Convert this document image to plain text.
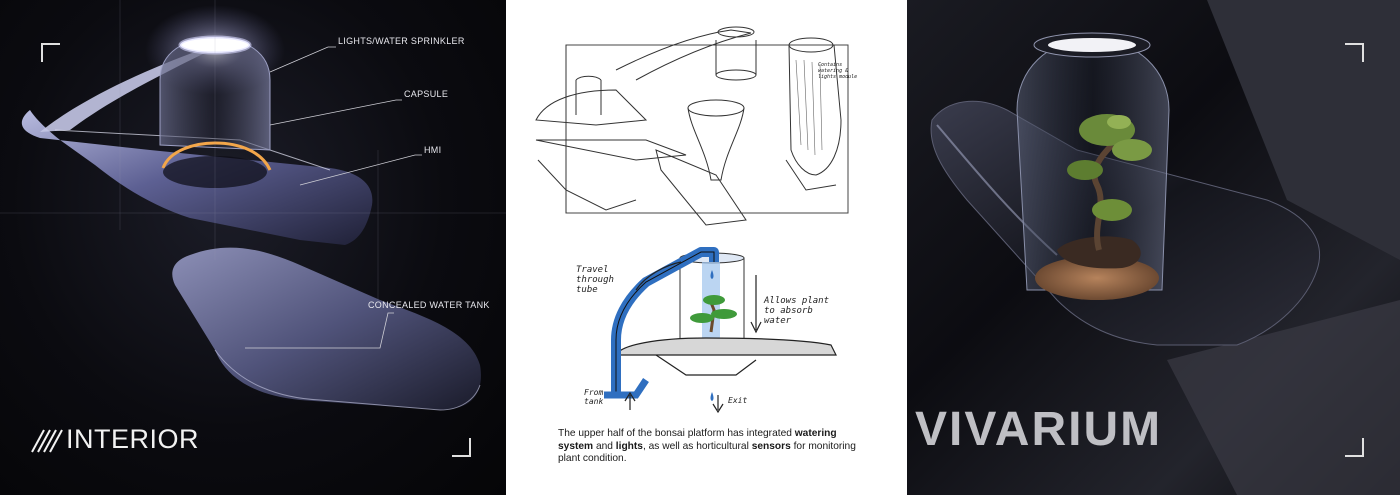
LIGHTS/WATER SPRINKLER
CAPSULE
HMI
CONCEALED WATER TANK
INTERIOR
Contains
watering &
lights module
Travel
through
tube
Allows plant
to absorb
water
From
tank	Exit
The upper half of the bonsai platform has integrated watering system and lights, as well as horticultural sensors for monitoring plant condition.
VIVARIUM
